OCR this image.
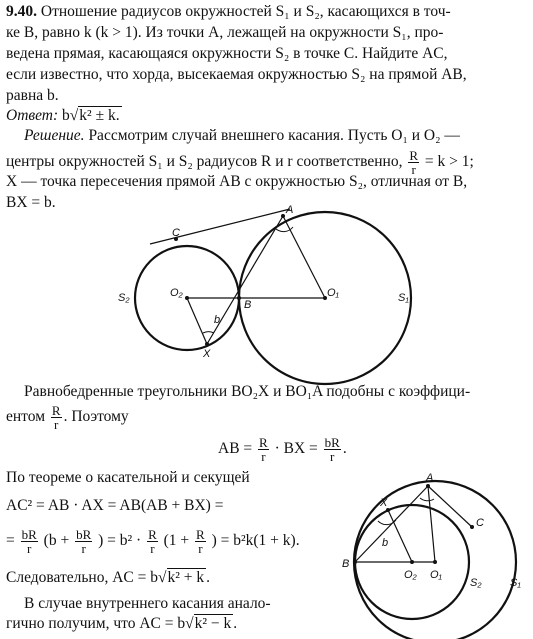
9.40. Отношение радиусов окружностей S₁ и S₂, касающихся в точ-
ке B, равно k (k > 1). Из точки A, лежащей на окружности S₁, про-
ведена прямая, касающаяся окружности S₂ в точке C. Найдите AC,
если известно, что хорда, высекаемая окружностью S₂ на прямой AB,
равна b.
Ответ: b√k² ± k.
Решение. Рассмотрим случай внешнего касания. Пусть O₁ и O₂ —
центры окружностей S₁ и S₂ радиусов R и r соответственно, $\frac{R}{r} = k > 1$;
X — точка пересечения прямой AB с окружностью S₂, отличная от B,
BX = b.
C
A
S₂	O₂
B
O₁	S₁
b
X
Равнобедренные треугольники BO₂X и BO₁A подобны с коэффици-
ентом $\frac{R}{r}$ . Поэтому
AB = $\frac{R}{r}$ · BX = $\frac{bR}{r}$ .
По теореме о касательной и секущей
AC² = AB · AX = AB(AB + BX) =
= $\frac{bR}{r} (b + \frac{bR}{r}$ ) = $b^2 \cdot \frac{R}{r} (1 + \frac{R}{r}$ ) = b²k(1 + k).
Следовательно, AC = b√k² + k .
В случае внутреннего касания анало-
гично получим, что AC = b√k² − k .
A
X
C
b
B
O₂ O₁
S₂	S₁
